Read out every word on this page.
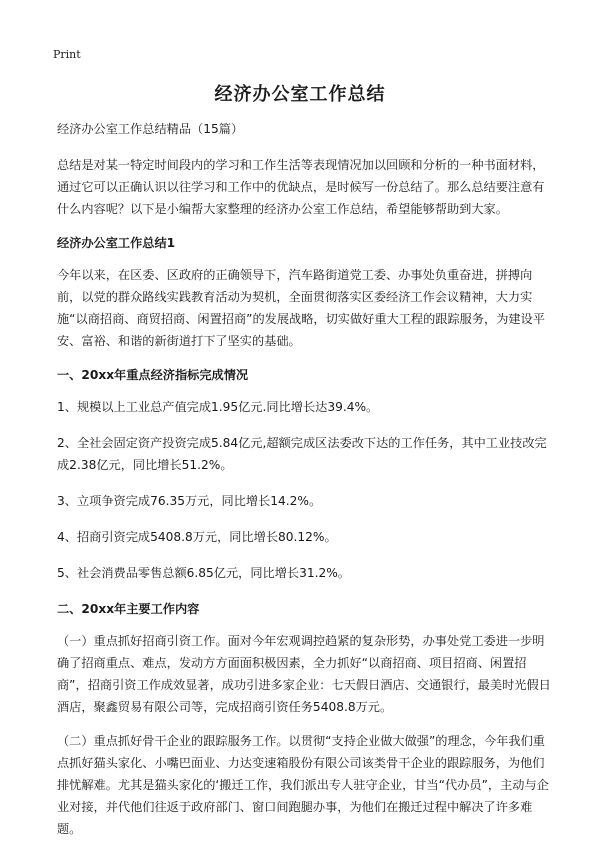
Print
经济办公室工作总结

经济办公室工作总结精品（15篇）

总结是对某一特定时间段内的学习和工作生活等表现情况加以回顾和分析的一种书面材料，通过它可以正确认识以往学习和工作中的优缺点，是时候写一份总结了。那么总结要注意有什么内容呢？以下是小编帮大家整理的经济办公室工作总结，希望能够帮助到大家。

经济办公室工作总结1

今年以来，在区委、区政府的正确领导下，汽车路街道党工委、办事处负重奋进，拼搏向前，以党的群众路线实践教育活动为契机，全面贯彻落实区委经济工作会议精神，大力实施“以商招商、商贸招商、闲置招商”的发展战略，切实做好重大工程的跟踪服务，为建设平安、富裕、和谐的新街道打下了坚实的基础。

一、20xx年重点经济指标完成情况

1、规模以上工业总产值完成1.95亿元.同比增长达39.4%。

2、全社会固定资产投资完成5.84亿元,超额完成区法委改下达的工作任务，其中工业技改完成2.38亿元，同比增长51.2%。

3、立项争资完成76.35万元，同比增长14.2%。

4、招商引资完成5408.8万元，同比增长80.12%。

5、社会消费品零售总额6.85亿元，同比增长31.2%。

二、20xx年主要工作内容

（一）重点抓好招商引资工作。面对今年宏观调控趋紧的复杂形势，办事处党工委进一步明确了招商重点、难点，发动方方面面积极因素，全力抓好“以商招商、项目招商、闲置招商”，招商引资工作成效显著，成功引进多家企业：七天假日酒店、交通银行，最美时光假日酒店，聚鑫贸易有限公司等，完成招商引资任务5408.8万元。

（二）重点抓好骨干企业的跟踪服务工作。以贯彻“支持企业做大做强”的理念，今年我们重点抓好猫头家化、小嘴巴面业、力达变速箱股份有限公司该类骨干企业的跟踪服务，为他们排忧解难。尤其是猫头家化的‘搬迁工作，我们派出专人驻守企业，甘当“代办员”，主动与企业对接，并代他们往返于政府部门、窗口间跑腿办事，为他们在搬迁过程中解决了许多难题。
